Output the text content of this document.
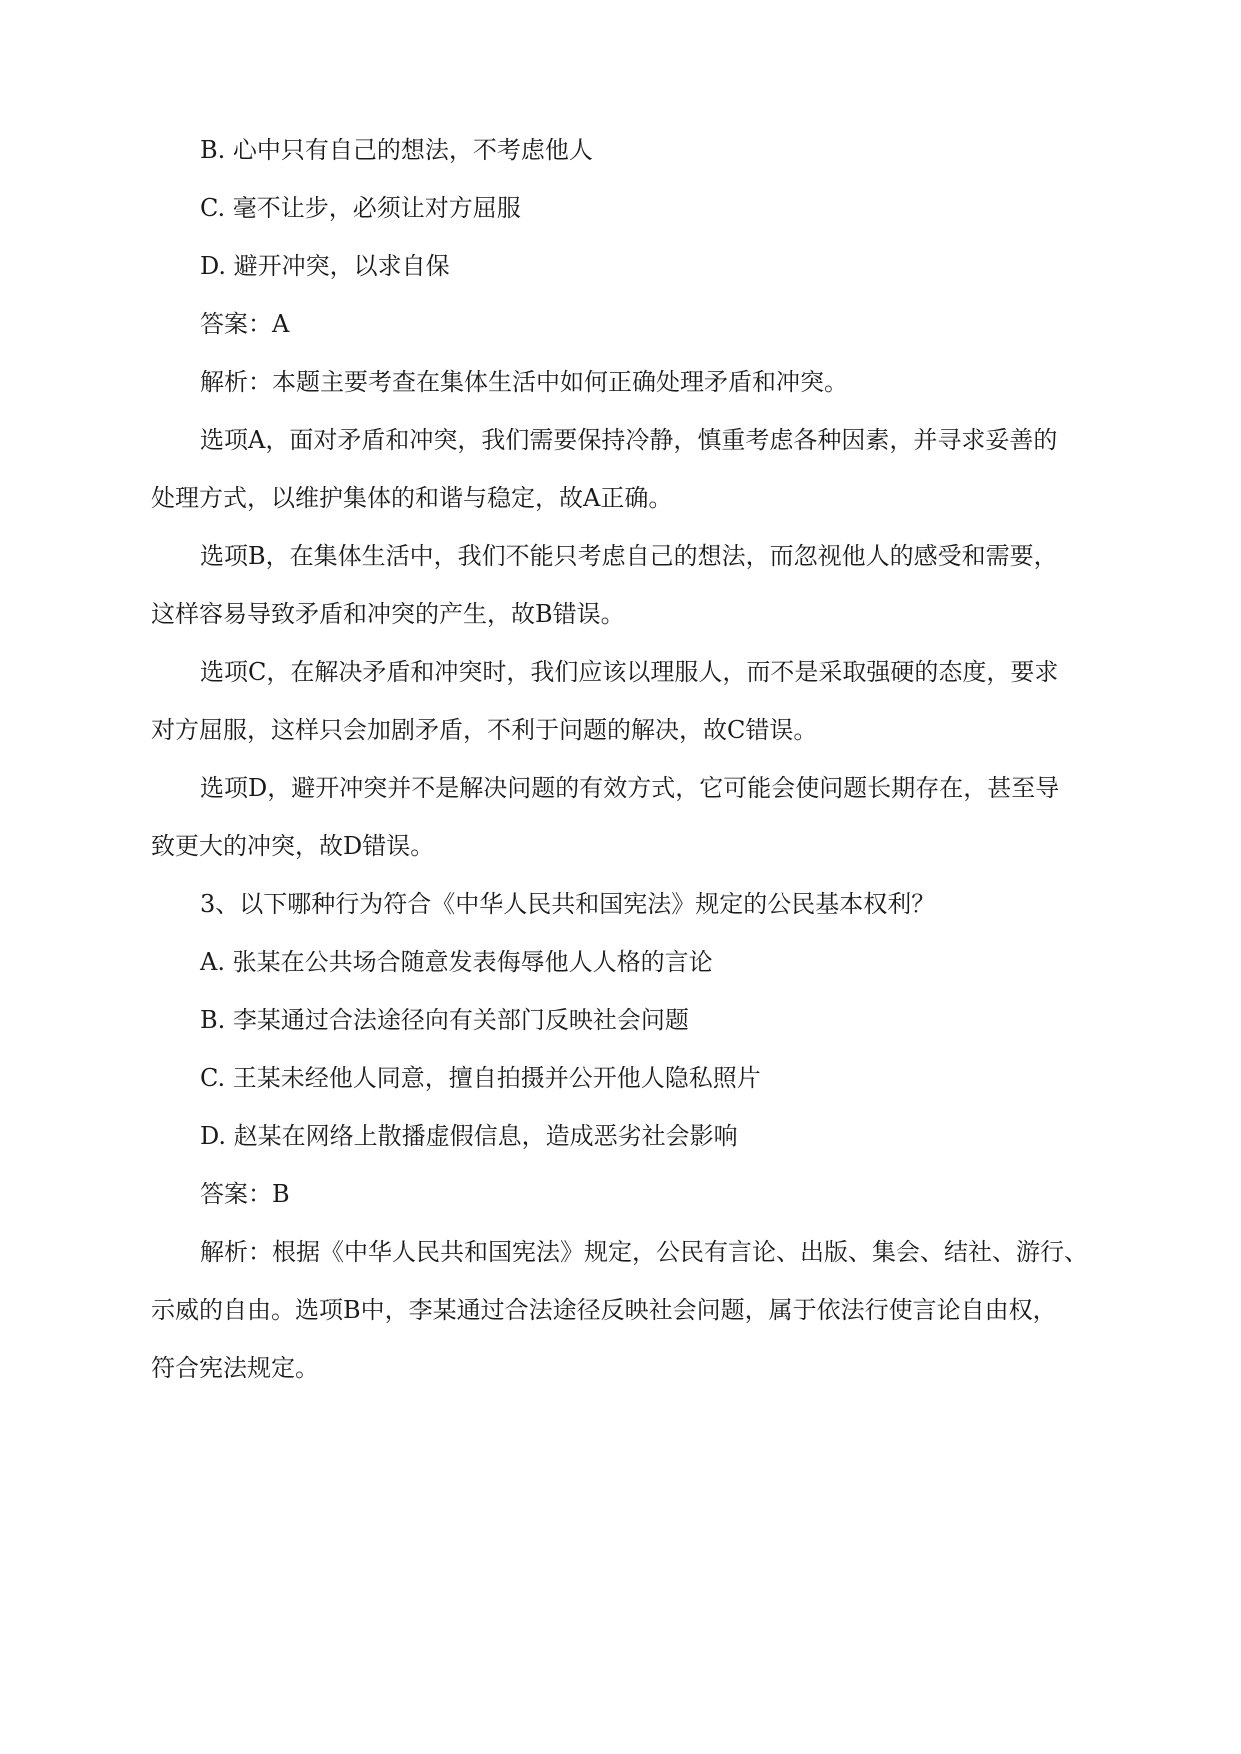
B. 心中只有自己的想法，不考虑他人

C. 毫不让步，必须让对方屈服

D. 避开冲突，以求自保

答案：A

解析：本题主要考查在集体生活中如何正确处理矛盾和冲突。

选项A，面对矛盾和冲突，我们需要保持冷静，慎重考虑各种因素，并寻求妥善的

处理方式，以维护集体的和谐与稳定，故A正确。

选项B，在集体生活中，我们不能只考虑自己的想法，而忽视他人的感受和需要，

这样容易导致矛盾和冲突的产生，故B错误。

选项C，在解决矛盾和冲突时，我们应该以理服人，而不是采取强硬的态度，要求

对方屈服，这样只会加剧矛盾，不利于问题的解决，故C错误。

选项D，避开冲突并不是解决问题的有效方式，它可能会使问题长期存在，甚至导

致更大的冲突，故D错误。

3、以下哪种行为符合《中华人民共和国宪法》规定的公民基本权利？

A. 张某在公共场合随意发表侮辱他人人格的言论

B. 李某通过合法途径向有关部门反映社会问题

C. 王某未经他人同意，擅自拍摄并公开他人隐私照片

D. 赵某在网络上散播虚假信息，造成恶劣社会影响

答案：B

解析：根据《中华人民共和国宪法》规定，公民有言论、出版、集会、结社、游行、

示威的自由。选项B中，李某通过合法途径反映社会问题，属于依法行使言论自由权，

符合宪法规定。
